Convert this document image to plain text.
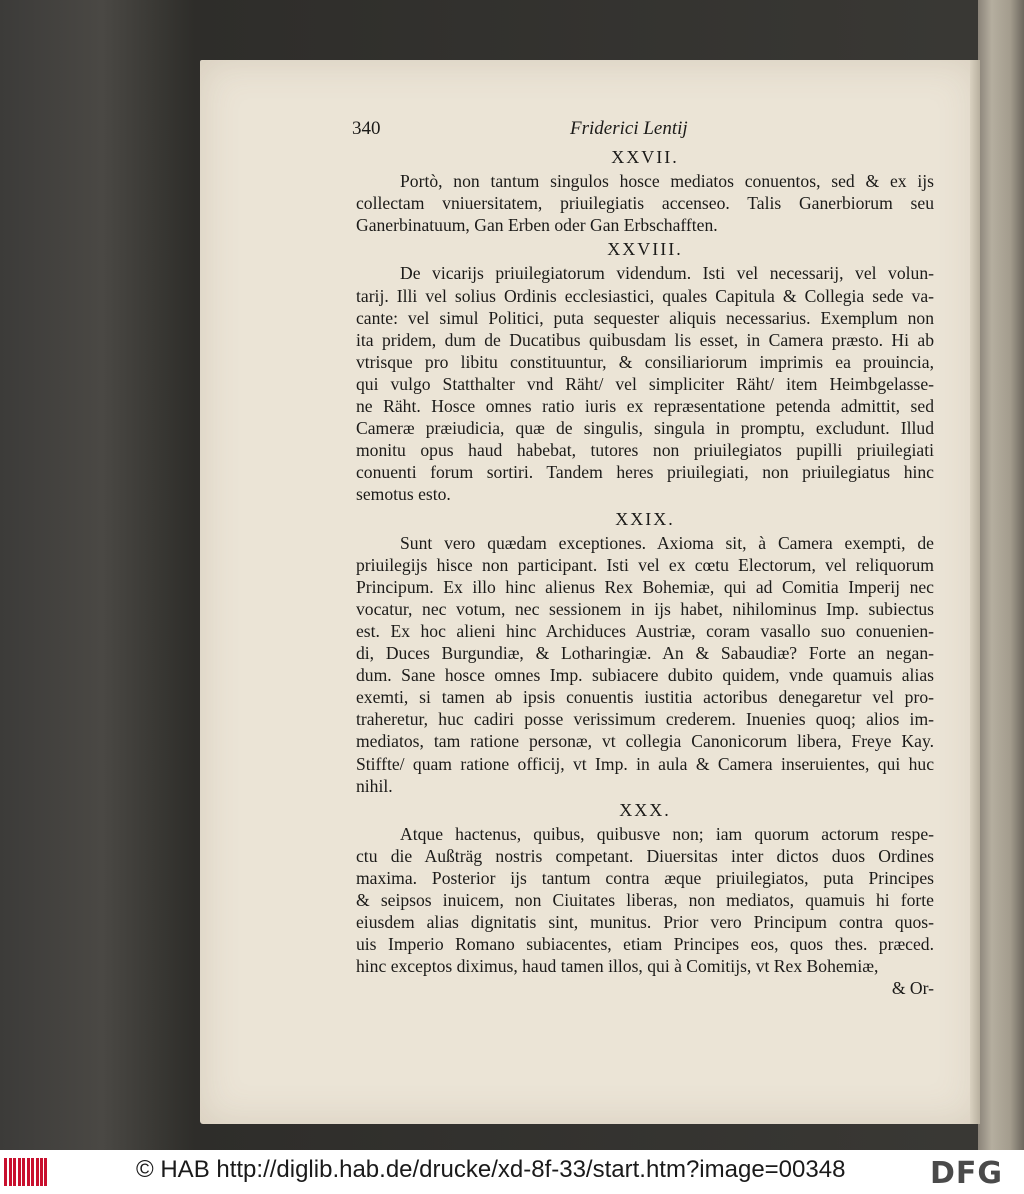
340	Friderici Lentij
XXVII.
Portò, non tantum singulos hosce mediatos conuentos, sed & ex ijs
collectam vniuersitatem, priuilegiatis accenseo. Talis Ganerbiorum seu
Ganerbinatuum, Gan Erben oder Gan Erbschafften.
XXVIII.
De vicarijs priuilegiatorum videndum. Isti vel necessarij, vel volun-
tarij. Illi vel solius Ordinis ecclesiastici, quales Capitula & Collegia sede va-
cante: vel simul Politici, puta sequester aliquis necessarius. Exemplum non
ita pridem, dum de Ducatibus quibusdam lis esset, in Camera præsto. Hi ab
vtrisque pro libitu constituuntur, & consiliariorum imprimis ea prouincia,
qui vulgo Statthalter vnd Räht/ vel simpliciter Räht/ item Heimbgelasse-
ne Räht. Hosce omnes ratio iuris ex repræsentatione petenda admittit, sed
Cameræ præiudicia, quæ de singulis, singula in promptu, excludunt. Illud
monitu opus haud habebat, tutores non priuilegiatos pupilli priuilegiati
conuenti forum sortiri. Tandem heres priuilegiati, non priuilegiatus hinc
semotus esto.
XXIX.
Sunt vero quædam exceptiones. Axioma sit, à Camera exempti, de
priuilegijs hisce non participant. Isti vel ex cœtu Electorum, vel reliquorum
Principum. Ex illo hinc alienus Rex Bohemiæ, qui ad Comitia Imperij nec
vocatur, nec votum, nec sessionem in ijs habet, nihilominus Imp. subiectus
est. Ex hoc alieni hinc Archiduces Austriæ, coram vasallo suo conuenien-
di, Duces Burgundiæ, & Lotharingiæ. An & Sabaudiæ? Forte an negan-
dum. Sane hosce omnes Imp. subiacere dubito quidem, vnde quamuis alias
exemti, si tamen ab ipsis conuentis iustitia actoribus denegaretur vel pro-
traheretur, huc cadiri posse verissimum crederem. Inuenies quoq; alios im-
mediatos, tam ratione personæ, vt collegia Canonicorum libera, Freye Kay.
Stiffte/ quam ratione officij, vt Imp. in aula & Camera inseruientes, qui huc
nihil.
XXX.
Atque hactenus, quibus, quibusve non; iam quorum actorum respe-
ctu die Außträg nostris competant. Diuersitas inter dictos duos Ordines
maxima. Posterior ijs tantum contra æque priuilegiatos, puta Principes
& seipsos inuicem, non Ciuitates liberas, non mediatos, quamuis hi forte
eiusdem alias dignitatis sint, munitus. Prior vero Principum contra quos-
uis Imperio Romano subiacentes, etiam Principes eos, quos thes. præced.
hinc exceptos diximus, haud tamen illos, qui à Comitijs, vt Rex Bohemiæ,
& Or-
© HAB http://diglib.hab.de/drucke/xd-8f-33/start.htm?image=00348	DFG
